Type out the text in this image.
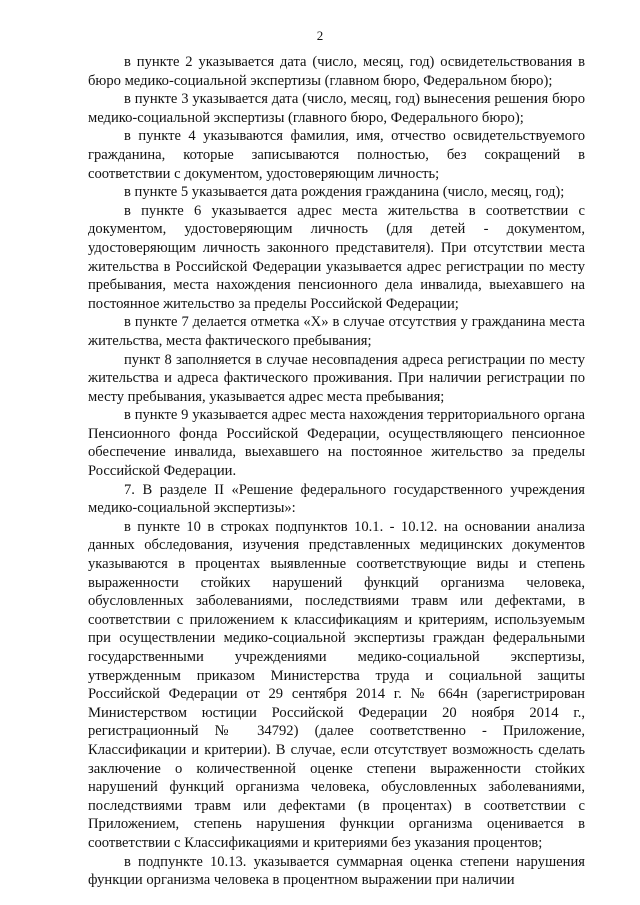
2

в пункте 2 указывается дата (число, месяц, год) освидетельствования в бюро медико-социальной экспертизы (главном бюро, Федеральном бюро);

в пункте 3 указывается дата (число, месяц, год) вынесения решения бюро медико-социальной экспертизы (главного бюро, Федерального бюро);

в пункте 4 указываются фамилия, имя, отчество освидетельствуемого гражданина, которые записываются полностью, без сокращений в соответствии с документом, удостоверяющим личность;

в пункте 5 указывается дата рождения гражданина (число, месяц, год);

в пункте 6 указывается адрес места жительства в соответствии с документом, удостоверяющим личность (для детей - документом, удостоверяющим личность законного представителя). При отсутствии места жительства в Российской Федерации указывается адрес регистрации по месту пребывания, места нахождения пенсионного дела инвалида, выехавшего на постоянное жительство за пределы Российской Федерации;

в пункте 7 делается отметка «Х» в случае отсутствия у гражданина места жительства, места фактического пребывания;

пункт 8 заполняется в случае несовпадения адреса регистрации по месту жительства и адреса фактического проживания. При наличии регистрации по месту пребывания, указывается адрес места пребывания;

в пункте 9 указывается адрес места нахождения территориального органа Пенсионного фонда Российской Федерации, осуществляющего пенсионное обеспечение инвалида, выехавшего на постоянное жительство за пределы Российской Федерации.

7. В разделе II «Решение федерального государственного учреждения медико-социальной экспертизы»:

в пункте 10 в строках подпунктов 10.1. - 10.12. на основании анализа данных обследования, изучения представленных медицинских документов указываются в процентах выявленные соответствующие виды и степень выраженности стойких нарушений функций организма человека, обусловленных заболеваниями, последствиями травм или дефектами, в соответствии с приложением к классификациям и критериям, используемым при осуществлении медико-социальной экспертизы граждан федеральными государственными учреждениями медико-социальной экспертизы, утвержденным приказом Министерства труда и социальной защиты Российской Федерации от 29 сентября 2014 г. № 664н (зарегистрирован Министерством юстиции Российской Федерации 20 ноября 2014 г., регистрационный № 34792) (далее соответственно - Приложение, Классификации и критерии). В случае, если отсутствует возможность сделать заключение о количественной оценке степени выраженности стойких нарушений функций организма человека, обусловленных заболеваниями, последствиями травм или дефектами (в процентах) в соответствии с Приложением, степень нарушения функции организма оценивается в соответствии с Классификациями и критериями без указания процентов;

в подпункте 10.13. указывается суммарная оценка степени нарушения функции организма человека в процентном выражении при наличии
